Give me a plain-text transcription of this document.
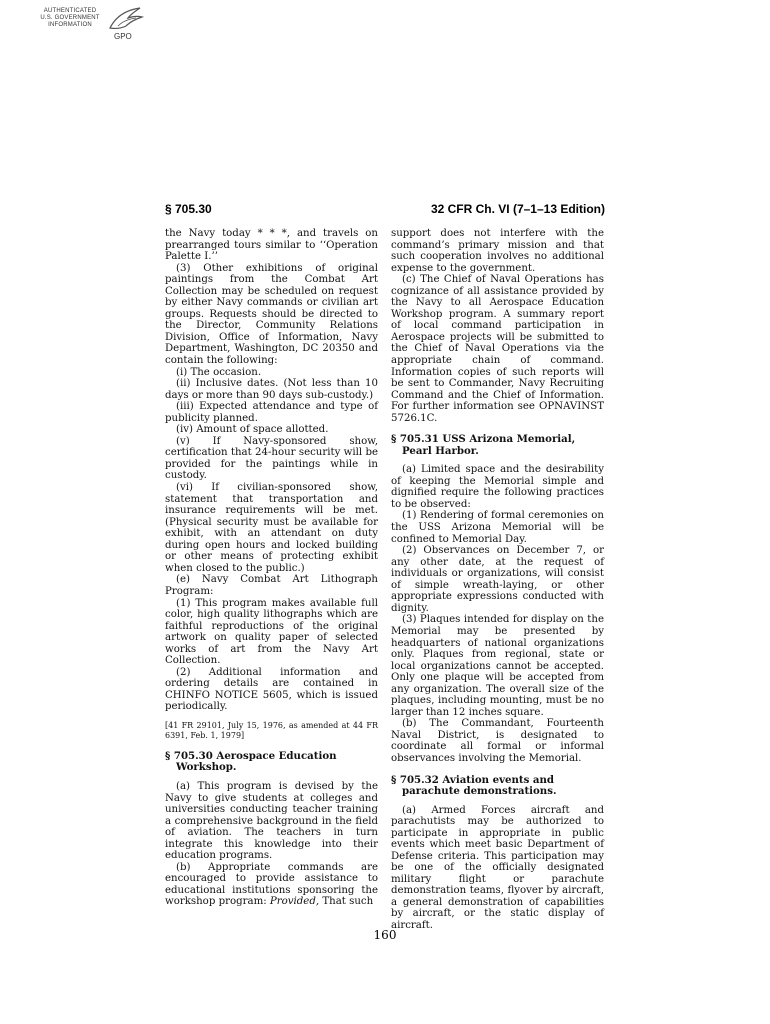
AUTHENTICATED
U.S. GOVERNMENT
INFORMATION
GPO
§ 705.30	32 CFR Ch. VI (7–1–13 Edition)

the Navy today * * *, and travels on prearranged tours similar to ‘‘Operation Palette I.’’

(3) Other exhibitions of original paintings from the Combat Art Collection may be scheduled on request by either Navy commands or civilian art groups. Requests should be directed to the Director, Community Relations Division, Office of Information, Navy Department, Washington, DC 20350 and contain the following:

(i) The occasion.

(ii) Inclusive dates. (Not less than 10 days or more than 90 days sub-custody.)

(iii) Expected attendance and type of publicity planned.

(iv) Amount of space allotted.

(v) If Navy-sponsored show, certification that 24-hour security will be provided for the paintings while in custody.

(vi) If civilian-sponsored show, statement that transportation and insurance requirements will be met. (Physical security must be available for exhibit, with an attendant on duty during open hours and locked building or other means of protecting exhibit when closed to the public.)

(e) Navy Combat Art Lithograph Program:

(1) This program makes available full color, high quality lithographs which are faithful reproductions of the original artwork on quality paper of selected works of art from the Navy Art Collection.

(2) Additional information and ordering details are contained in CHINFO NOTICE 5605, which is issued periodically.

[41 FR 29101, July 15, 1976, as amended at 44 FR 6391, Feb. 1, 1979]

§ 705.30 Aerospace Education Workshop.

(a) This program is devised by the Navy to give students at colleges and universities conducting teacher training a comprehensive background in the field of aviation. The teachers in turn integrate this knowledge into their education programs.

(b) Appropriate commands are encouraged to provide assistance to educational institutions sponsoring the workshop program: Provided, That such

support does not interfere with the command’s primary mission and that such cooperation involves no additional expense to the government.

(c) The Chief of Naval Operations has cognizance of all assistance provided by the Navy to all Aerospace Education Workshop program. A summary report of local command participation in Aerospace projects will be submitted to the Chief of Naval Operations via the appropriate chain of command. Information copies of such reports will be sent to Commander, Navy Recruiting Command and the Chief of Information. For further information see OPNAVINST 5726.1C.

§ 705.31 USS Arizona Memorial, Pearl Harbor.

(a) Limited space and the desirability of keeping the Memorial simple and dignified require the following practices to be observed:

(1) Rendering of formal ceremonies on the USS Arizona Memorial will be confined to Memorial Day.

(2) Observances on December 7, or any other date, at the request of individuals or organizations, will consist of simple wreath-laying, or other appropriate expressions conducted with dignity.

(3) Plaques intended for display on the Memorial may be presented by headquarters of national organizations only. Plaques from regional, state or local organizations cannot be accepted. Only one plaque will be accepted from any organization. The overall size of the plaques, including mounting, must be no larger than 12 inches square.

(b) The Commandant, Fourteenth Naval District, is designated to coordinate all formal or informal observances involving the Memorial.

§ 705.32 Aviation events and parachute demonstrations.

(a) Armed Forces aircraft and parachutists may be authorized to participate in appropriate in public events which meet basic Department of Defense criteria. This participation may be one of the officially designated military flight or parachute demonstration teams, flyover by aircraft, a general demonstration of capabilities by aircraft, or the static display of aircraft.

160
